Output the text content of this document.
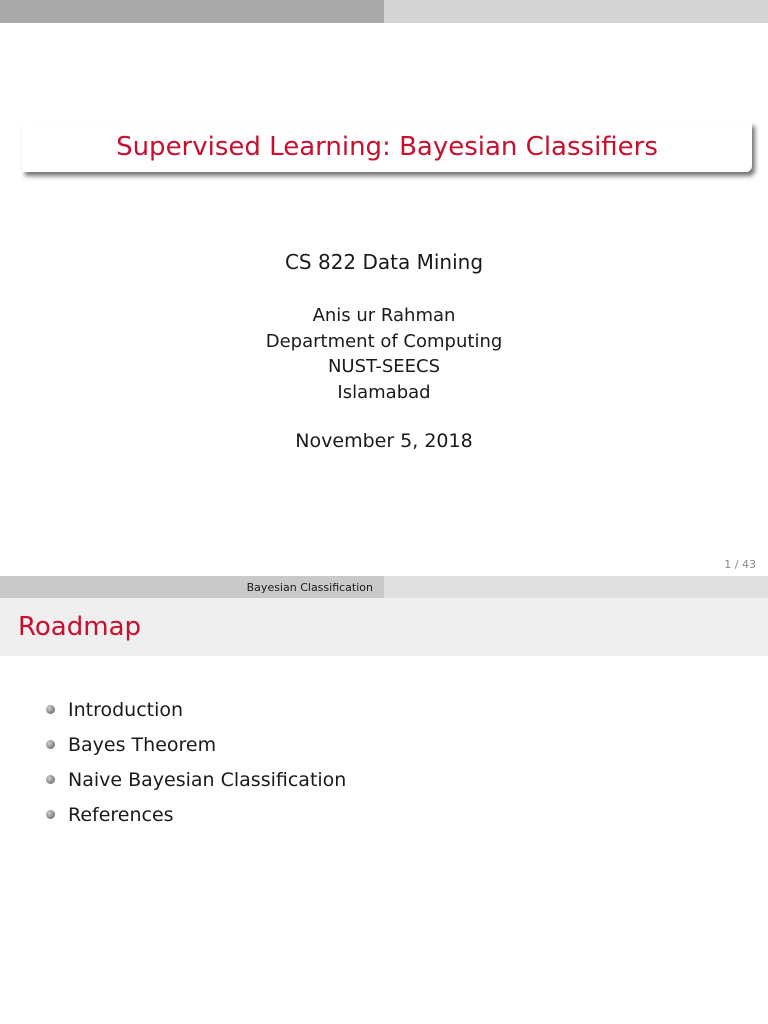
Supervised Learning: Bayesian Classifiers
CS 822 Data Mining
Anis ur Rahman
Department of Computing
NUST-SEECS
Islamabad
November 5, 2018
1 / 43
Bayesian Classification
Roadmap
Introduction
Bayes Theorem
Naive Bayesian Classification
References
